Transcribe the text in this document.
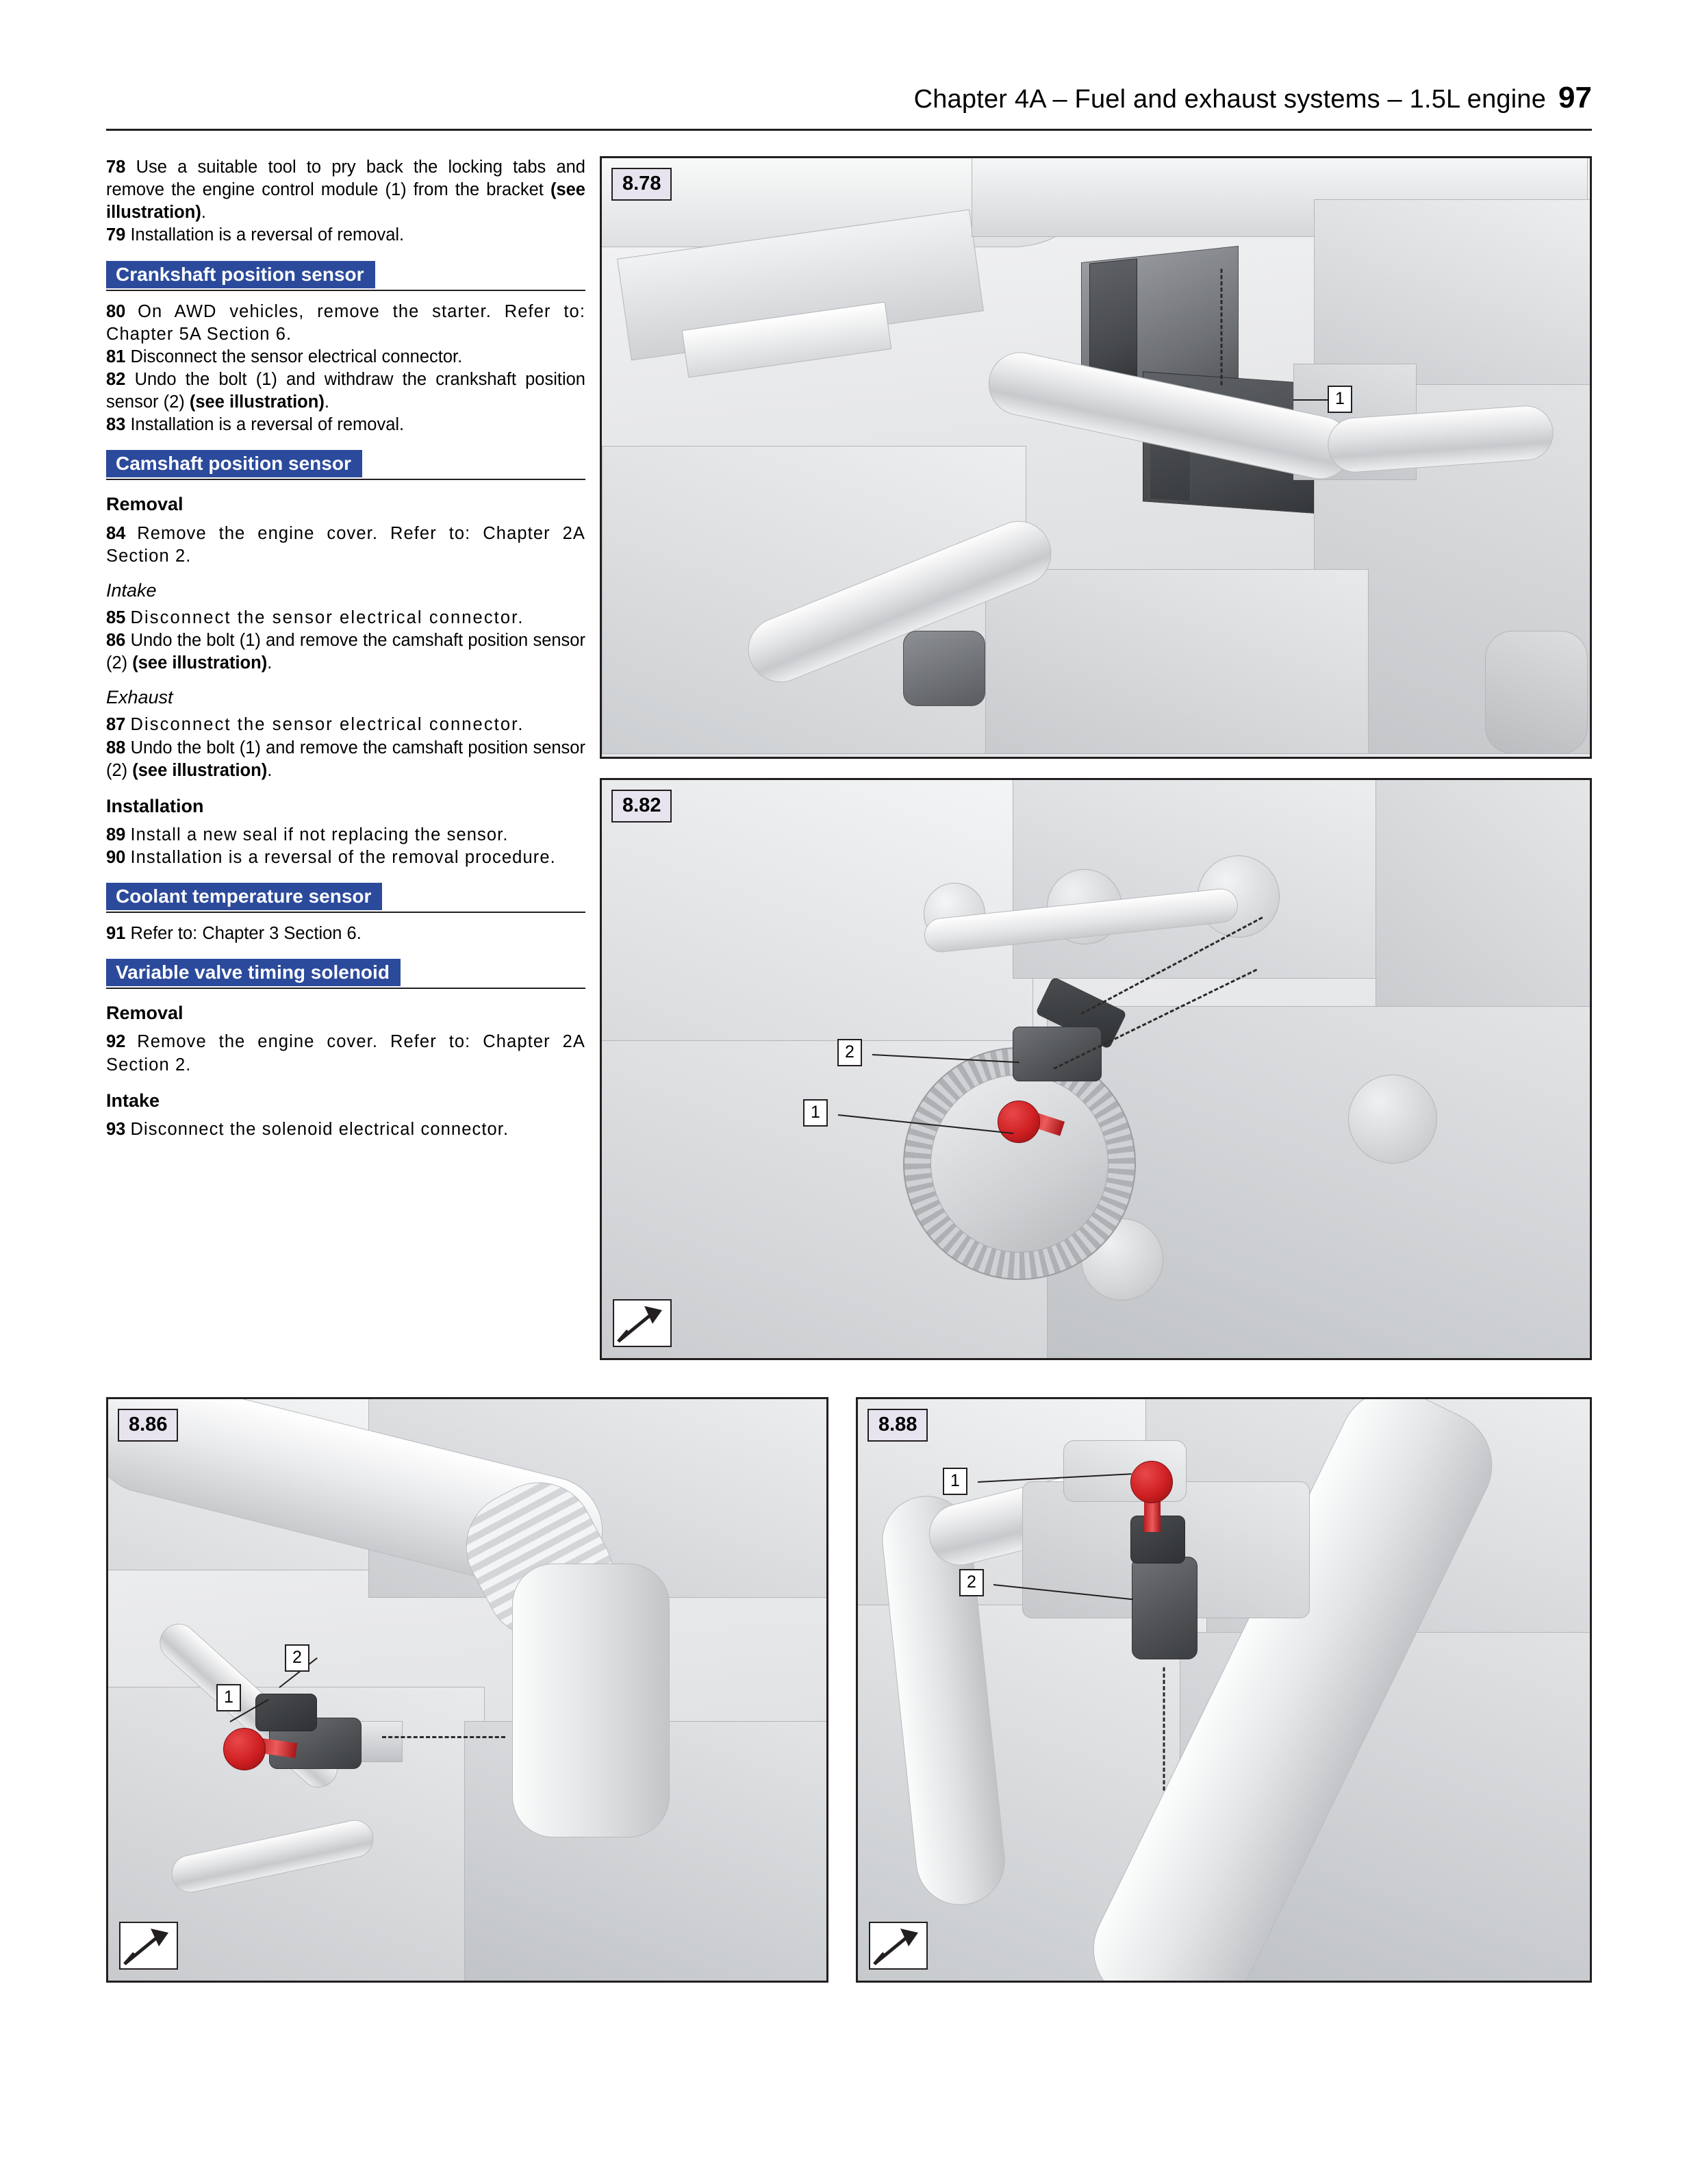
Chapter 4A – Fuel and exhaust systems – 1.5L engine 97

78 Use a suitable tool to pry back the locking tabs and remove the engine control module (1) from the bracket (see illustration).

79 Installation is a reversal of removal.

Crankshaft position sensor

80 On AWD vehicles, remove the starter. Refer to: Chapter 5A Section 6.

81 Disconnect the sensor electrical connector.

82 Undo the bolt (1) and withdraw the crankshaft position sensor (2) (see illustration).

83 Installation is a reversal of removal.

Camshaft position sensor
Removal

84 Remove the engine cover. Refer to: Chapter 2A Section 2.

Intake

85 Disconnect the sensor electrical connector.

86 Undo the bolt (1) and remove the camshaft position sensor (2) (see illustration).

Exhaust

87 Disconnect the sensor electrical connector.

88 Undo the bolt (1) and remove the camshaft position sensor (2) (see illustration).

Installation

89 Install a new seal if not replacing the sensor.

90 Installation is a reversal of the removal procedure.

Coolant temperature sensor

91 Refer to: Chapter 3 Section 6.

Variable valve timing solenoid
Removal

92 Remove the engine cover. Refer to: Chapter 2A Section 2.

Intake

93 Disconnect the solenoid electrical connector.

8.78
1
8.82
2
1
8.86
2
1
8.88
1
2
